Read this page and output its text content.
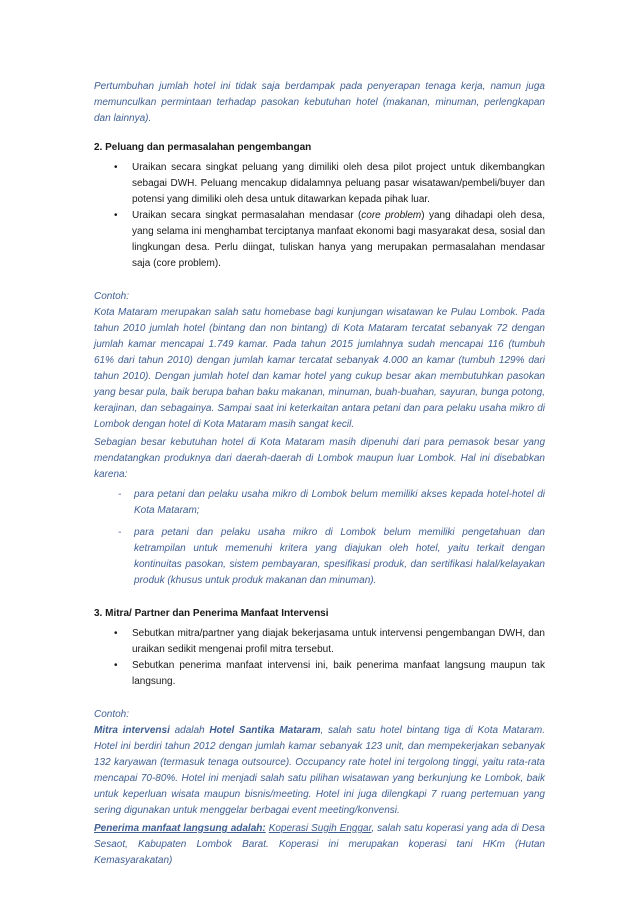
Pertumbuhan jumlah hotel ini tidak saja berdampak pada penyerapan tenaga kerja, namun juga memunculkan permintaan terhadap pasokan kebutuhan hotel (makanan, minuman, perlengkapan dan lainnya).

2. Peluang dan permasalahan pengembangan

• Uraikan secara singkat peluang yang dimiliki oleh desa pilot project untuk dikembangkan sebagai DWH. Peluang mencakup didalamnya peluang pasar wisatawan/pembeli/buyer dan potensi yang dimiliki oleh desa untuk ditawarkan kepada pihak luar.
• Uraikan secara singkat permasalahan mendasar (core problem) yang dihadapi oleh desa, yang selama ini menghambat terciptanya manfaat ekonomi bagi masyarakat desa, sosial dan lingkungan desa. Perlu diingat, tuliskan hanya yang merupakan permasalahan mendasar saja (core problem).

Contoh:

Kota Mataram merupakan salah satu homebase bagi kunjungan wisatawan ke Pulau Lombok. Pada tahun 2010 jumlah hotel (bintang dan non bintang) di Kota Mataram tercatat sebanyak 72 dengan jumlah kamar mencapai 1.749 kamar. Pada tahun 2015 jumlahnya sudah mencapai 116 (tumbuh 61% dari tahun 2010) dengan jumlah kamar tercatat sebanyak 4.000 an kamar (tumbuh 129% dari tahun 2010). Dengan jumlah hotel dan kamar hotel yang cukup besar akan membutuhkan pasokan yang besar pula, baik berupa bahan baku makanan, minuman, buah-buahan, sayuran, bunga potong, kerajinan, dan sebagainya. Sampai saat ini keterkaitan antara petani dan para pelaku usaha mikro di Lombok dengan hotel di Kota Mataram masih sangat kecil.

Sebagian besar kebutuhan hotel di Kota Mataram masih dipenuhi dari para pemasok besar yang mendatangkan produknya dari daerah-daerah di Lombok maupun luar Lombok. Hal ini disebabkan karena:

- para petani dan pelaku usaha mikro di Lombok belum memiliki akses kepada hotel-hotel di Kota Mataram;
- para petani dan pelaku usaha mikro di Lombok belum memiliki pengetahuan dan ketrampilan untuk memenuhi kritera yang diajukan oleh hotel, yaitu terkait dengan kontinuitas pasokan, sistem pembayaran, spesifikasi produk, dan sertifikasi halal/kelayakan produk (khusus untuk produk makanan dan minuman).

3. Mitra/ Partner dan Penerima Manfaat Intervensi

• Sebutkan mitra/partner yang diajak bekerjasama untuk intervensi pengembangan DWH, dan uraikan sedikit mengenai profil mitra tersebut.
• Sebutkan penerima manfaat intervensi ini, baik penerima manfaat langsung maupun tak langsung.

Contoh:

Mitra intervensi adalah Hotel Santika Mataram, salah satu hotel bintang tiga di Kota Mataram. Hotel ini berdiri tahun 2012 dengan jumlah kamar sebanyak 123 unit, dan mempekerjakan sebanyak 132 karyawan (termasuk tenaga outsource). Occupancy rate hotel ini tergolong tinggi, yaitu rata-rata mencapai 70-80%. Hotel ini menjadi salah satu pilihan wisatawan yang berkunjung ke Lombok, baik untuk keperluan wisata maupun bisnis/meeting. Hotel ini juga dilengkapi 7 ruang pertemuan yang sering digunakan untuk menggelar berbagai event meeting/konvensi.

Penerima manfaat langsung adalah: Koperasi Sugih Enggar, salah satu koperasi yang ada di Desa Sesaot, Kabupaten Lombok Barat. Koperasi ini merupakan koperasi tani HKm (Hutan Kemasyarakatan)
